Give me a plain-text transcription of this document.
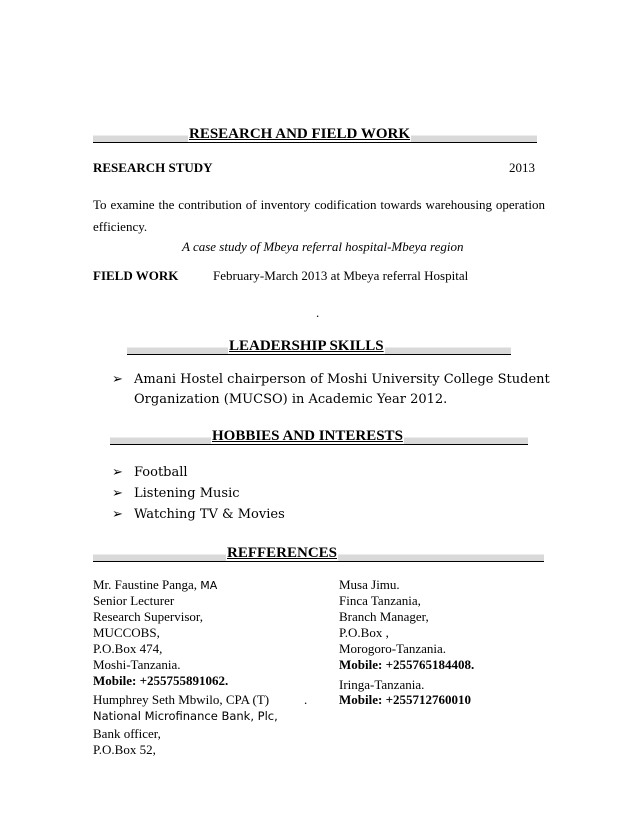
RESEARCH AND FIELD WORK
RESEARCH STUDY	2013
To examine the contribution of inventory codification towards warehousing operation
efficiency.
A case study of Mbeya referral hospital-Mbeya region
FIELD WORK	February-March 2013 at Mbeya referral Hospital
.
LEADERSHIP SKILLS
➢ Amani Hostel chairperson of Moshi University College Student
Organization (MUCSO) in Academic Year 2012.
HOBBIES AND INTERESTS
➢ Football
➢ Listening Music
➢ Watching TV & Movies
REFFERENCES
Mr. Faustine Panga, MA
Senior Lecturer
Research Supervisor,
MUCCOBS,
P.O.Box 474,
Moshi-Tanzania.
Mobile: +255755891062.
Musa Jimu.
Finca Tanzania,
Branch Manager,
P.O.Box ,
Morogoro-Tanzania.
Mobile: +255765184408.
Humphrey Seth Mbwilo, CPA (T)	.
National Microfinance Bank, Plc,
Bank officer,
P.O.Box 52,
Iringa-Tanzania.
Mobile: +255712760010
